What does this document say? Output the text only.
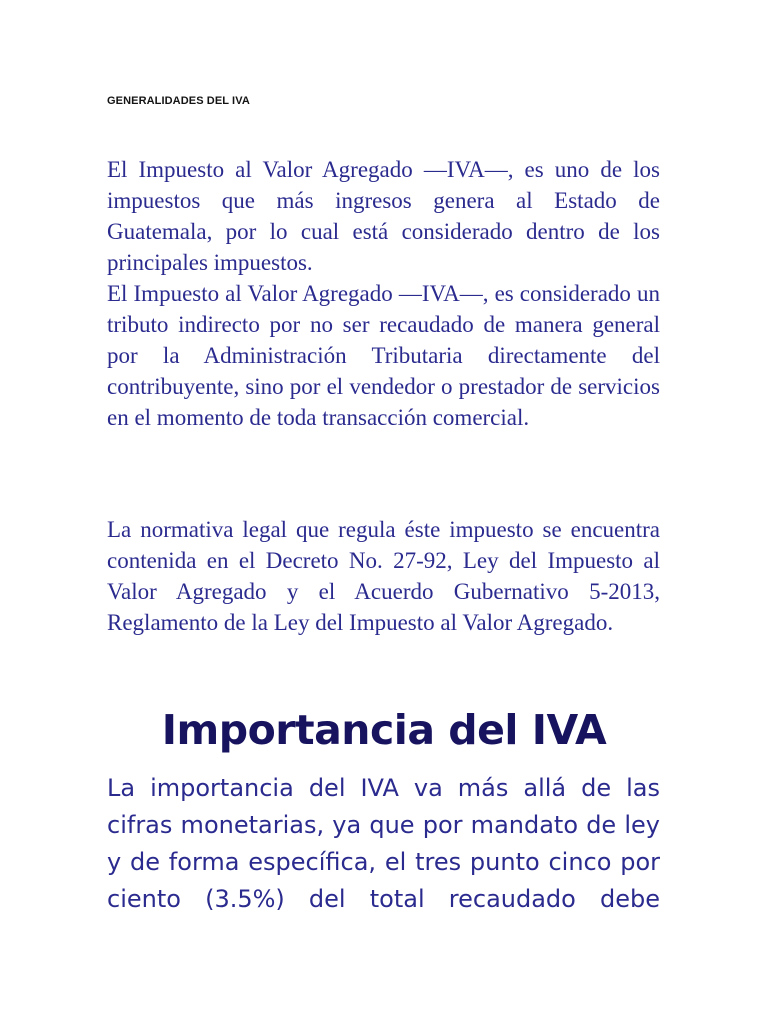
GENERALIDADES DEL IVA

El Impuesto al Valor Agregado —IVA—, es uno de los impuestos que más ingresos genera al Estado de Guatemala, por lo cual está considerado dentro de los principales impuestos.

El Impuesto al Valor Agregado —IVA—, es considerado un tributo indirecto por no ser recaudado de manera general por la Administración Tributaria directamente del contribuyente, sino por el vendedor o prestador de servicios en el momento de toda transacción comercial.

La normativa legal que regula éste impuesto se encuentra contenida en el Decreto No. 27-92, Ley del Impuesto al Valor Agregado y el Acuerdo Gubernativo 5-2013, Reglamento de la Ley del Impuesto al Valor Agregado.

Importancia del IVA

La importancia del IVA va más allá de las cifras monetarias, ya que por mandato de ley y de forma específica, el tres punto cinco por ciento (3.5%) del total recaudado debe
